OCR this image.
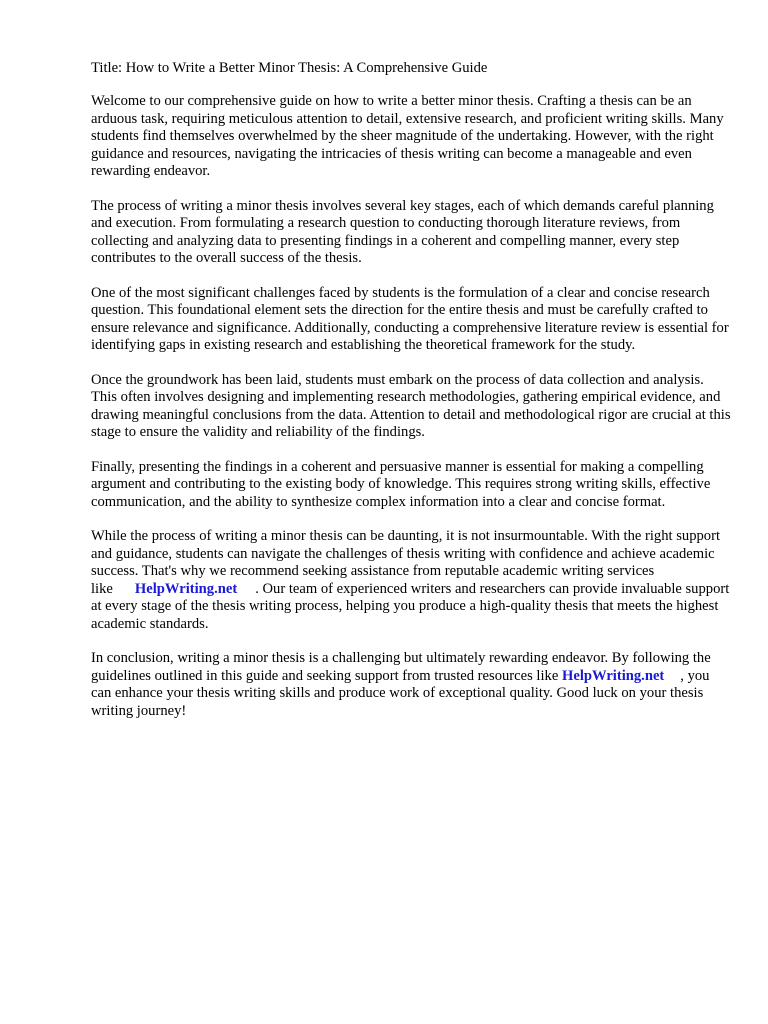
Title: How to Write a Better Minor Thesis: A Comprehensive Guide

Welcome to our comprehensive guide on how to write a better minor thesis. Crafting a thesis can be an arduous task, requiring meticulous attention to detail, extensive research, and proficient writing skills. Many students find themselves overwhelmed by the sheer magnitude of the undertaking. However, with the right guidance and resources, navigating the intricacies of thesis writing can become a manageable and even rewarding endeavor.

The process of writing a minor thesis involves several key stages, each of which demands careful planning and execution. From formulating a research question to conducting thorough literature reviews, from collecting and analyzing data to presenting findings in a coherent and compelling manner, every step contributes to the overall success of the thesis.

One of the most significant challenges faced by students is the formulation of a clear and concise research question. This foundational element sets the direction for the entire thesis and must be carefully crafted to ensure relevance and significance. Additionally, conducting a comprehensive literature review is essential for identifying gaps in existing research and establishing the theoretical framework for the study.

Once the groundwork has been laid, students must embark on the process of data collection and analysis. This often involves designing and implementing research methodologies, gathering empirical evidence, and drawing meaningful conclusions from the data. Attention to detail and methodological rigor are crucial at this stage to ensure the validity and reliability of the findings.

Finally, presenting the findings in a coherent and persuasive manner is essential for making a compelling argument and contributing to the existing body of knowledge. This requires strong writing skills, effective communication, and the ability to synthesize complex information into a clear and concise format.

While the process of writing a minor thesis can be daunting, it is not insurmountable. With the right support and guidance, students can navigate the challenges of thesis writing with confidence and achieve academic success. That's why we recommend seeking assistance from reputable academic writing services like HelpWriting.net . Our team of experienced writers and researchers can provide invaluable support at every stage of the thesis writing process, helping you produce a high-quality thesis that meets the highest academic standards.

In conclusion, writing a minor thesis is a challenging but ultimately rewarding endeavor. By following the guidelines outlined in this guide and seeking support from trusted resources like HelpWriting.net , you can enhance your thesis writing skills and produce work of exceptional quality. Good luck on your thesis writing journey!
